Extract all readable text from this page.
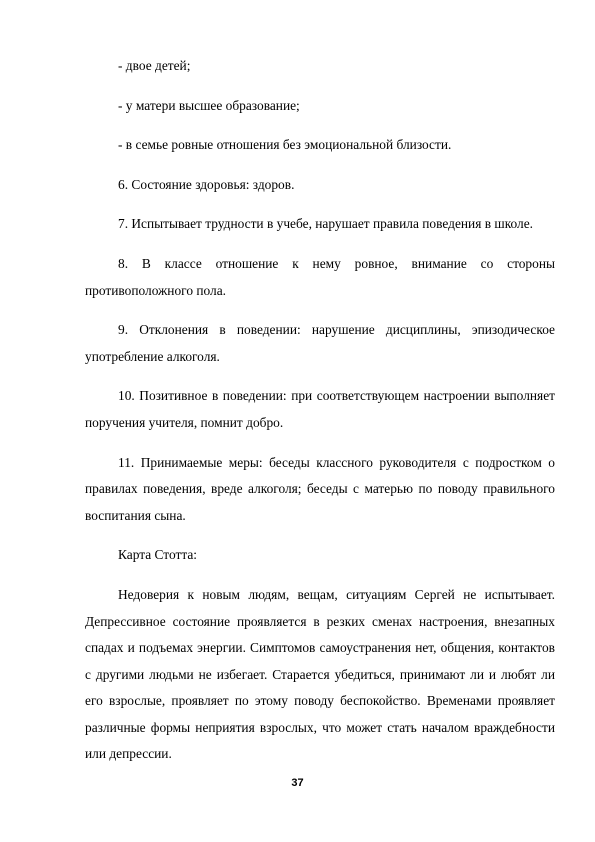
- двое детей;

- у матери высшее образование;

- в семье ровные отношения без эмоциональной близости.

6. Состояние здоровья: здоров.

7. Испытывает трудности в учебе, нарушает правила поведения в школе.

8. В классе отношение к нему ровное, внимание со стороны противоположного пола.

9. Отклонения в поведении: нарушение дисциплины, эпизодическое употребление алкоголя.

10. Позитивное в поведении: при соответствующем настроении выполняет поручения учителя, помнит добро.

11. Принимаемые меры: беседы классного руководителя с подростком о правилах поведения, вреде алкоголя; беседы с матерью по поводу правильного воспитания сына.

Карта Стотта:

Недоверия к новым людям, вещам, ситуациям Сергей не испытывает. Депрессивное состояние проявляется в резких сменах настроения, внезапных спадах и подъемах энергии. Симптомов самоустранения нет, общения, контактов с другими людьми не избегает. Старается убедиться, принимают ли и любят ли его взрослые, проявляет по этому поводу беспокойство. Временами проявляет различные формы неприятия взрослых, что может стать началом враждебности или депрессии.

37
